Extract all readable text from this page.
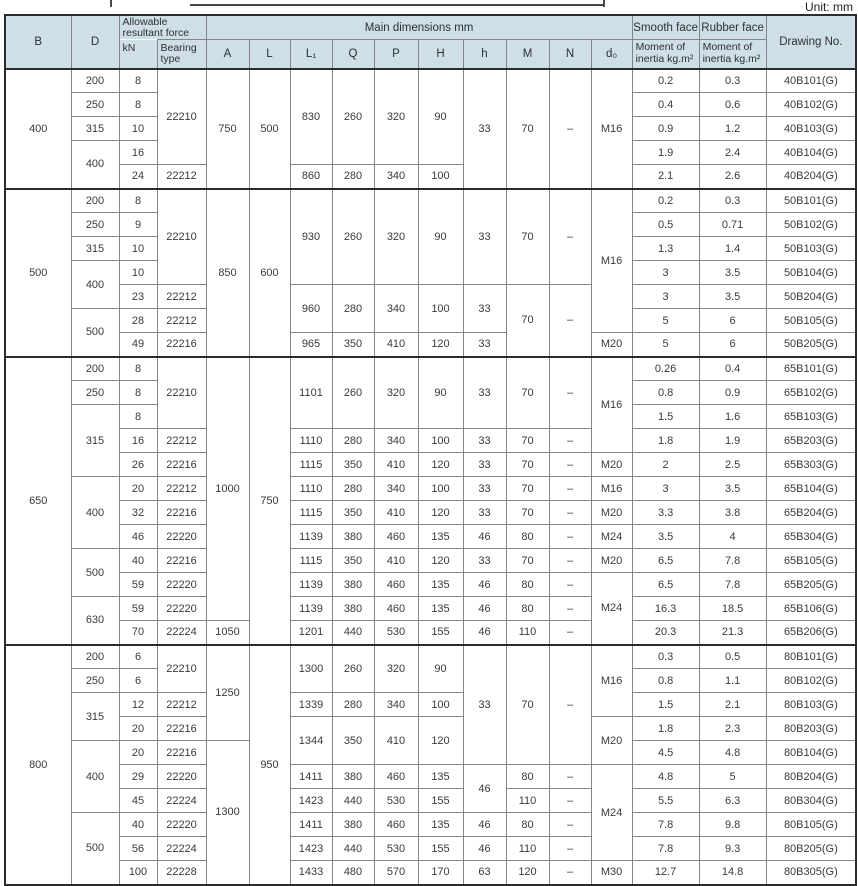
Unit: mm
B	D	Allowable resultant force		Main dimensions mm										Smooth face	Rubber face	Drawing No.
		kN	Bearing type	A	L	L₁	Q	P	H	h	M	N	d₀	Moment of inertia kg.m²	Moment of inertia kg.m²	
400	200	8	22210	750	500	830	260	320	90	33	70	–	M16	0.2	0.3	40B101(G)
	250	8												0.4	0.6	40B102(G)
	315	10												0.9	1.2	40B103(G)
	400	16												1.9	2.4	40B104(G)
		24	22212			860	280	340	100					2.1	2.6	40B204(G)
500	200	8	22210	850	600	930	260	320	90	33	70	–	M16	0.2	0.3	50B101(G)
	250	9												0.5	0.71	50B102(G)
	315	10												1.3	1.4	50B103(G)
	400	10												3	3.5	50B104(G)
		23	22212			960	280	340	100	33	70	–		3	3.5	50B204(G)
	500	28	22212											5	6	50B105(G)
		49	22216			965	350	410	120	33			M20	5	6	50B205(G)
650	200	8	22210	1000	750	1101	260	320	90	33	70	–	M16	0.26	0.4	65B101(G)
	250	8												0.8	0.9	65B102(G)
	315	8												1.5	1.6	65B103(G)
		16	22212			1110	280	340	100	33	70	–		1.8	1.9	65B203(G)
		26	22216			1115	350	410	120	33	70	–	M20	2	2.5	65B303(G)
	400	20	22212			1110	280	340	100	33	70	–	M16	3	3.5	65B104(G)
		32	22216			1115	350	410	120	33	70	–	M20	3.3	3.8	65B204(G)
		46	22220			1139	380	460	135	46	80	–	M24	3.5	4	65B304(G)
	500	40	22216			1115	350	410	120	33	70	–	M20	6.5	7.8	65B105(G)
		59	22220			1139	380	460	135	46	80	–	M24	6.5	7.8	65B205(G)
	630	59	22220			1139	380	460	135	46	80	–		16.3	18.5	65B106(G)
		70	22224	1050		1201	440	530	155	46	110	–		20.3	21.3	65B206(G)
800	200	6	22210	1250	950	1300	260	320	90	33	70	–	M16	0.3	0.5	80B101(G)
	250	6												0.8	1.1	80B102(G)
	315	12	22212			1339	280	340	100					1.5	2.1	80B103(G)
		20	22216			1344	350	410	120				M20	1.8	2.3	80B203(G)
	400	20	22216	1300										4.5	4.8	80B104(G)
		29	22220			1411	380	460	135	46	80	–	M24	4.8	5	80B204(G)
		45	22224			1423	440	530	155		110	–		5.5	6.3	80B304(G)
	500	40	22220			1411	380	460	135	46	80	–		7.8	9.8	80B105(G)
		56	22224			1423	440	530	155	46	110	–		7.8	9.3	80B205(G)
		100	22228			1433	480	570	170	63	120	–	M30	12.7	14.8	80B305(G)
